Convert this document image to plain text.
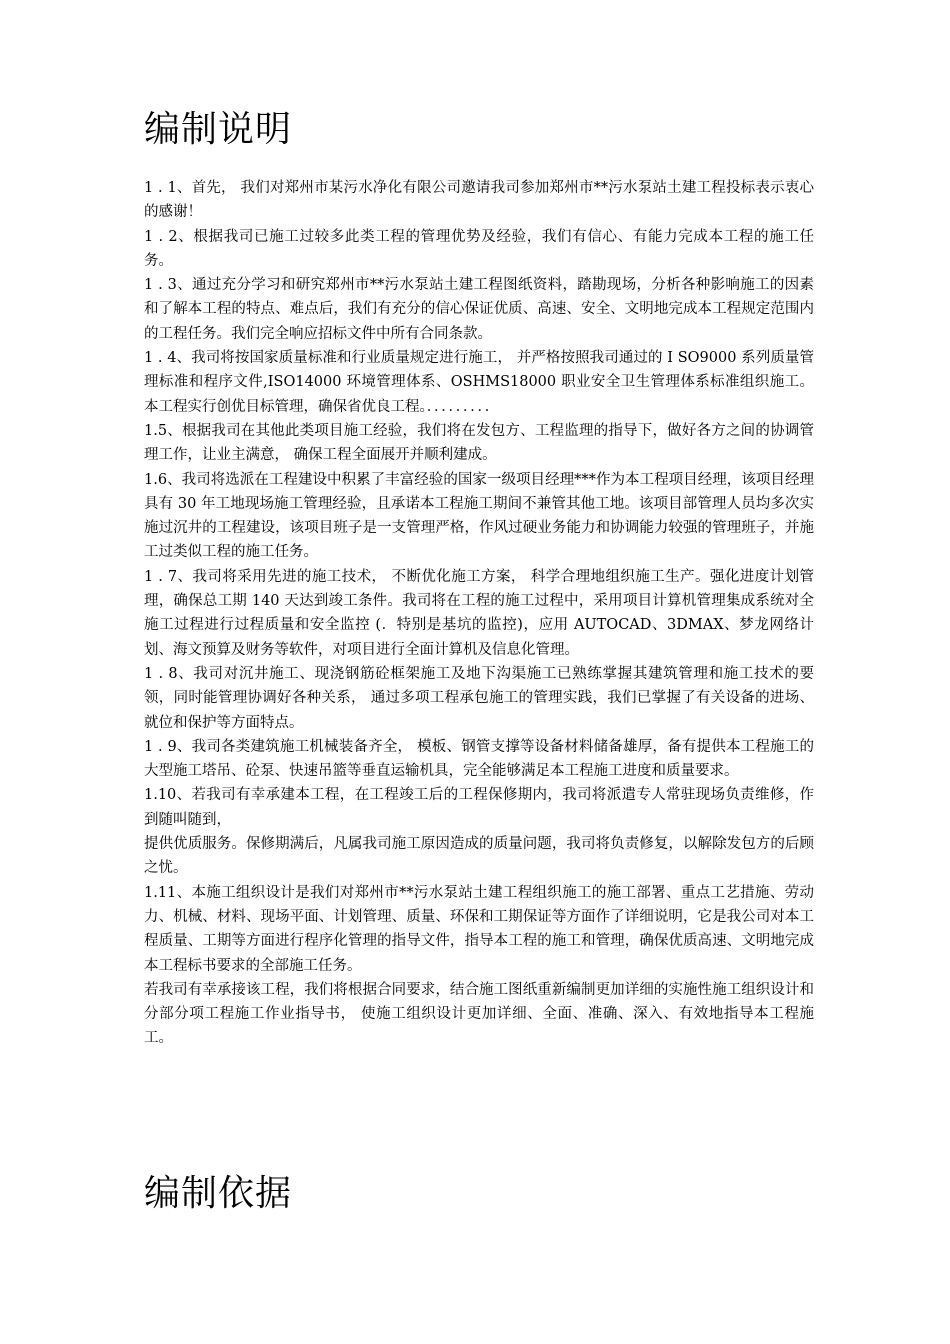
编制说明

1 . 1、首先， 我们对郑州市某污水净化有限公司邀请我司参加郑州市**污水泵站土建工程投标表示衷心的感谢！

1 . 2、根据我司已施工过较多此类工程的管理优势及经验，我们有信心、有能力完成本工程的施工任务。

1 . 3、通过充分学习和研究郑州市**污水泵站土建工程图纸资料，踏勘现场，分析各种影响施工的因素和了解本工程的特点、难点后，我们有充分的信心保证优质、高速、安全、文明地完成本工程规定范围内的工程任务。我们完全响应招标文件中所有合同条款。

1 . 4、我司将按国家质量标准和行业质量规定进行施工， 并严格按照我司通过的 I SO9000 系列质量管理标准和程序文件,ISO14000 环境管理体系、OSHMS18000 职业安全卫生管理体系标准组织施工。本工程实行创优目标管理，确保省优良工程。．．．．．．．．．

1.5、根据我司在其他此类项目施工经验，我们将在发包方、工程监理的指导下，做好各方之间的协调管理工作，让业主满意， 确保工程全面展开并顺利建成。

1.6、我司将选派在工程建设中积累了丰富经验的国家一级项目经理***作为本工程项目经理，该项目经理具有 30 年工地现场施工管理经验，且承诺本工程施工期间不兼管其他工地。该项目部管理人员均多次实施过沉井的工程建设，该项目班子是一支管理严格，作风过硬业务能力和协调能力较强的管理班子，并施工过类似工程的施工任务。

1 . 7、我司将采用先进的施工技术， 不断优化施工方案， 科学合理地组织施工生产。强化进度计划管理，确保总工期 140 天达到竣工条件。我司将在工程的施工过程中，采用项目计算机管理集成系统对全施工过程进行过程质量和安全监控 (．特别是基坑的监控)，应用 AUTOCAD、3DMAX、梦龙网络计划、海文预算及财务等软件，对项目进行全面计算机及信息化管理。

1 . 8、我司对沉井施工、现浇钢筋砼框架施工及地下沟渠施工已熟练掌握其建筑管理和施工技术的要领，同时能管理协调好各种关系， 通过多项工程承包施工的管理实践，我们已掌握了有关设备的进场、就位和保护等方面特点。

1 . 9、我司各类建筑施工机械装备齐全， 模板、钢管支撑等设备材料储备雄厚，备有提供本工程施工的大型施工塔吊、砼泵、快速吊篮等垂直运输机具，完全能够满足本工程施工进度和质量要求。

1.10、若我司有幸承建本工程，在工程竣工后的工程保修期内，我司将派遣专人常驻现场负责维修，作到随叫随到，

提供优质服务。保修期满后，凡属我司施工原因造成的质量问题，我司将负责修复，以解除发包方的后顾之忧。

1.11、本施工组织设计是我们对郑州市**污水泵站土建工程组织施工的施工部署、重点工艺措施、劳动力、机械、材料、现场平面、计划管理、质量、环保和工期保证等方面作了详细说明，它是我公司对本工程质量、工期等方面进行程序化管理的指导文件，指导本工程的施工和管理，确保优质高速、文明地完成本工程标书要求的全部施工任务。

若我司有幸承接该工程，我们将根据合同要求，结合施工图纸重新编制更加详细的实施性施工组织设计和分部分项工程施工作业指导书， 使施工组织设计更加详细、全面、准确、深入、有效地指导本工程施工。

编制依据
